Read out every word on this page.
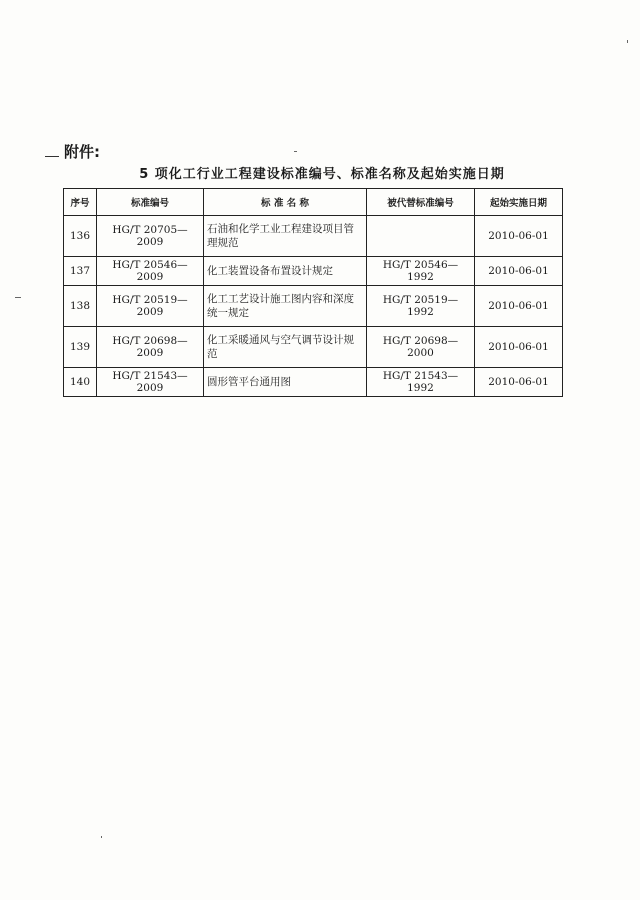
附件:
5 项化工行业工程建设标准编号、标准名称及起始实施日期
序号	标准编号	标 准 名 称	被代替标准编号	起始实施日期
136	HG/T 20705—2009	石油和化学工业工程建设项目管理规范		2010-06-01
137	HG/T 20546—2009	化工装置设备布置设计规定	HG/T 20546—1992	2010-06-01
138	HG/T 20519—2009	化工工艺设计施工图内容和深度统一规定	HG/T 20519—1992	2010-06-01
139	HG/T 20698—2009	化工采暖通风与空气调节设计规范	HG/T 20698—2000	2010-06-01
140	HG/T 21543—2009	圆形管平台通用图	HG/T 21543—1992	2010-06-01
